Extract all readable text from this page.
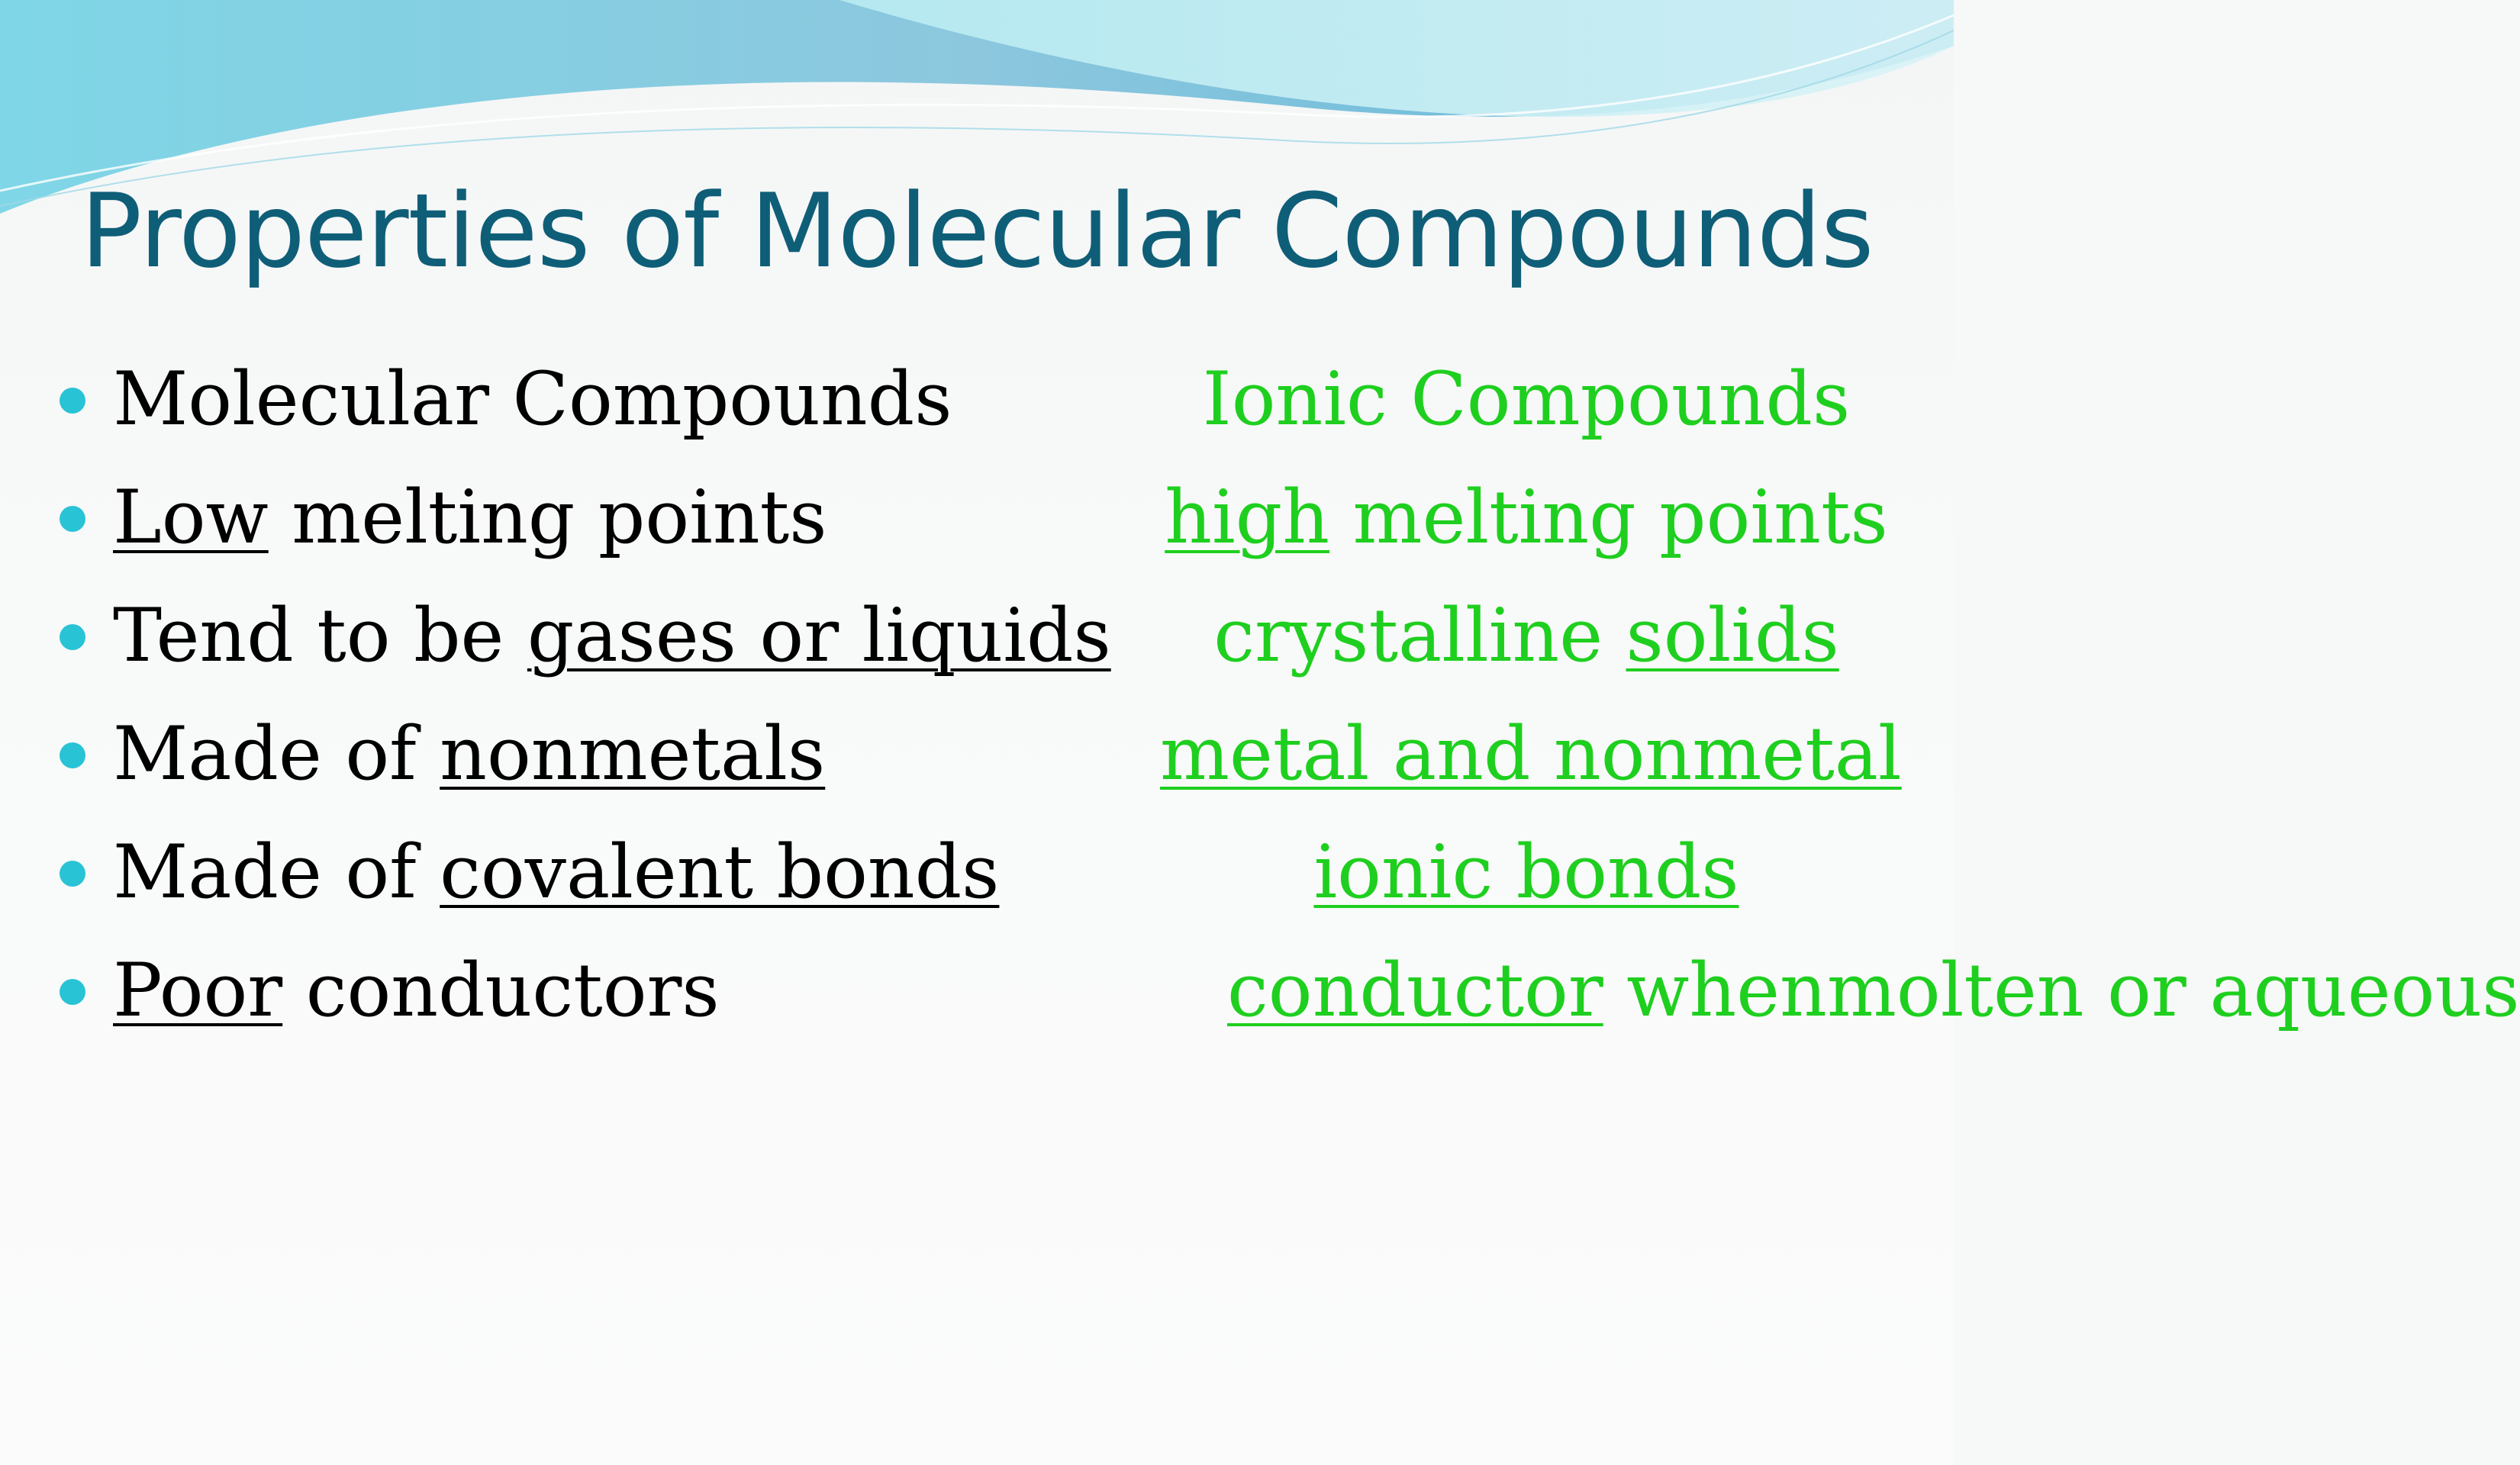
Properties of Molecular Compounds
Molecular Compounds
Low melting points
Tend to be gases or liquids
Made of nonmetals
Made of covalent bonds
Poor conductors
Ionic Compounds
high melting points
crystalline solids
metal and nonmetal
ionic bonds
conductor whenmolten or aqueous
